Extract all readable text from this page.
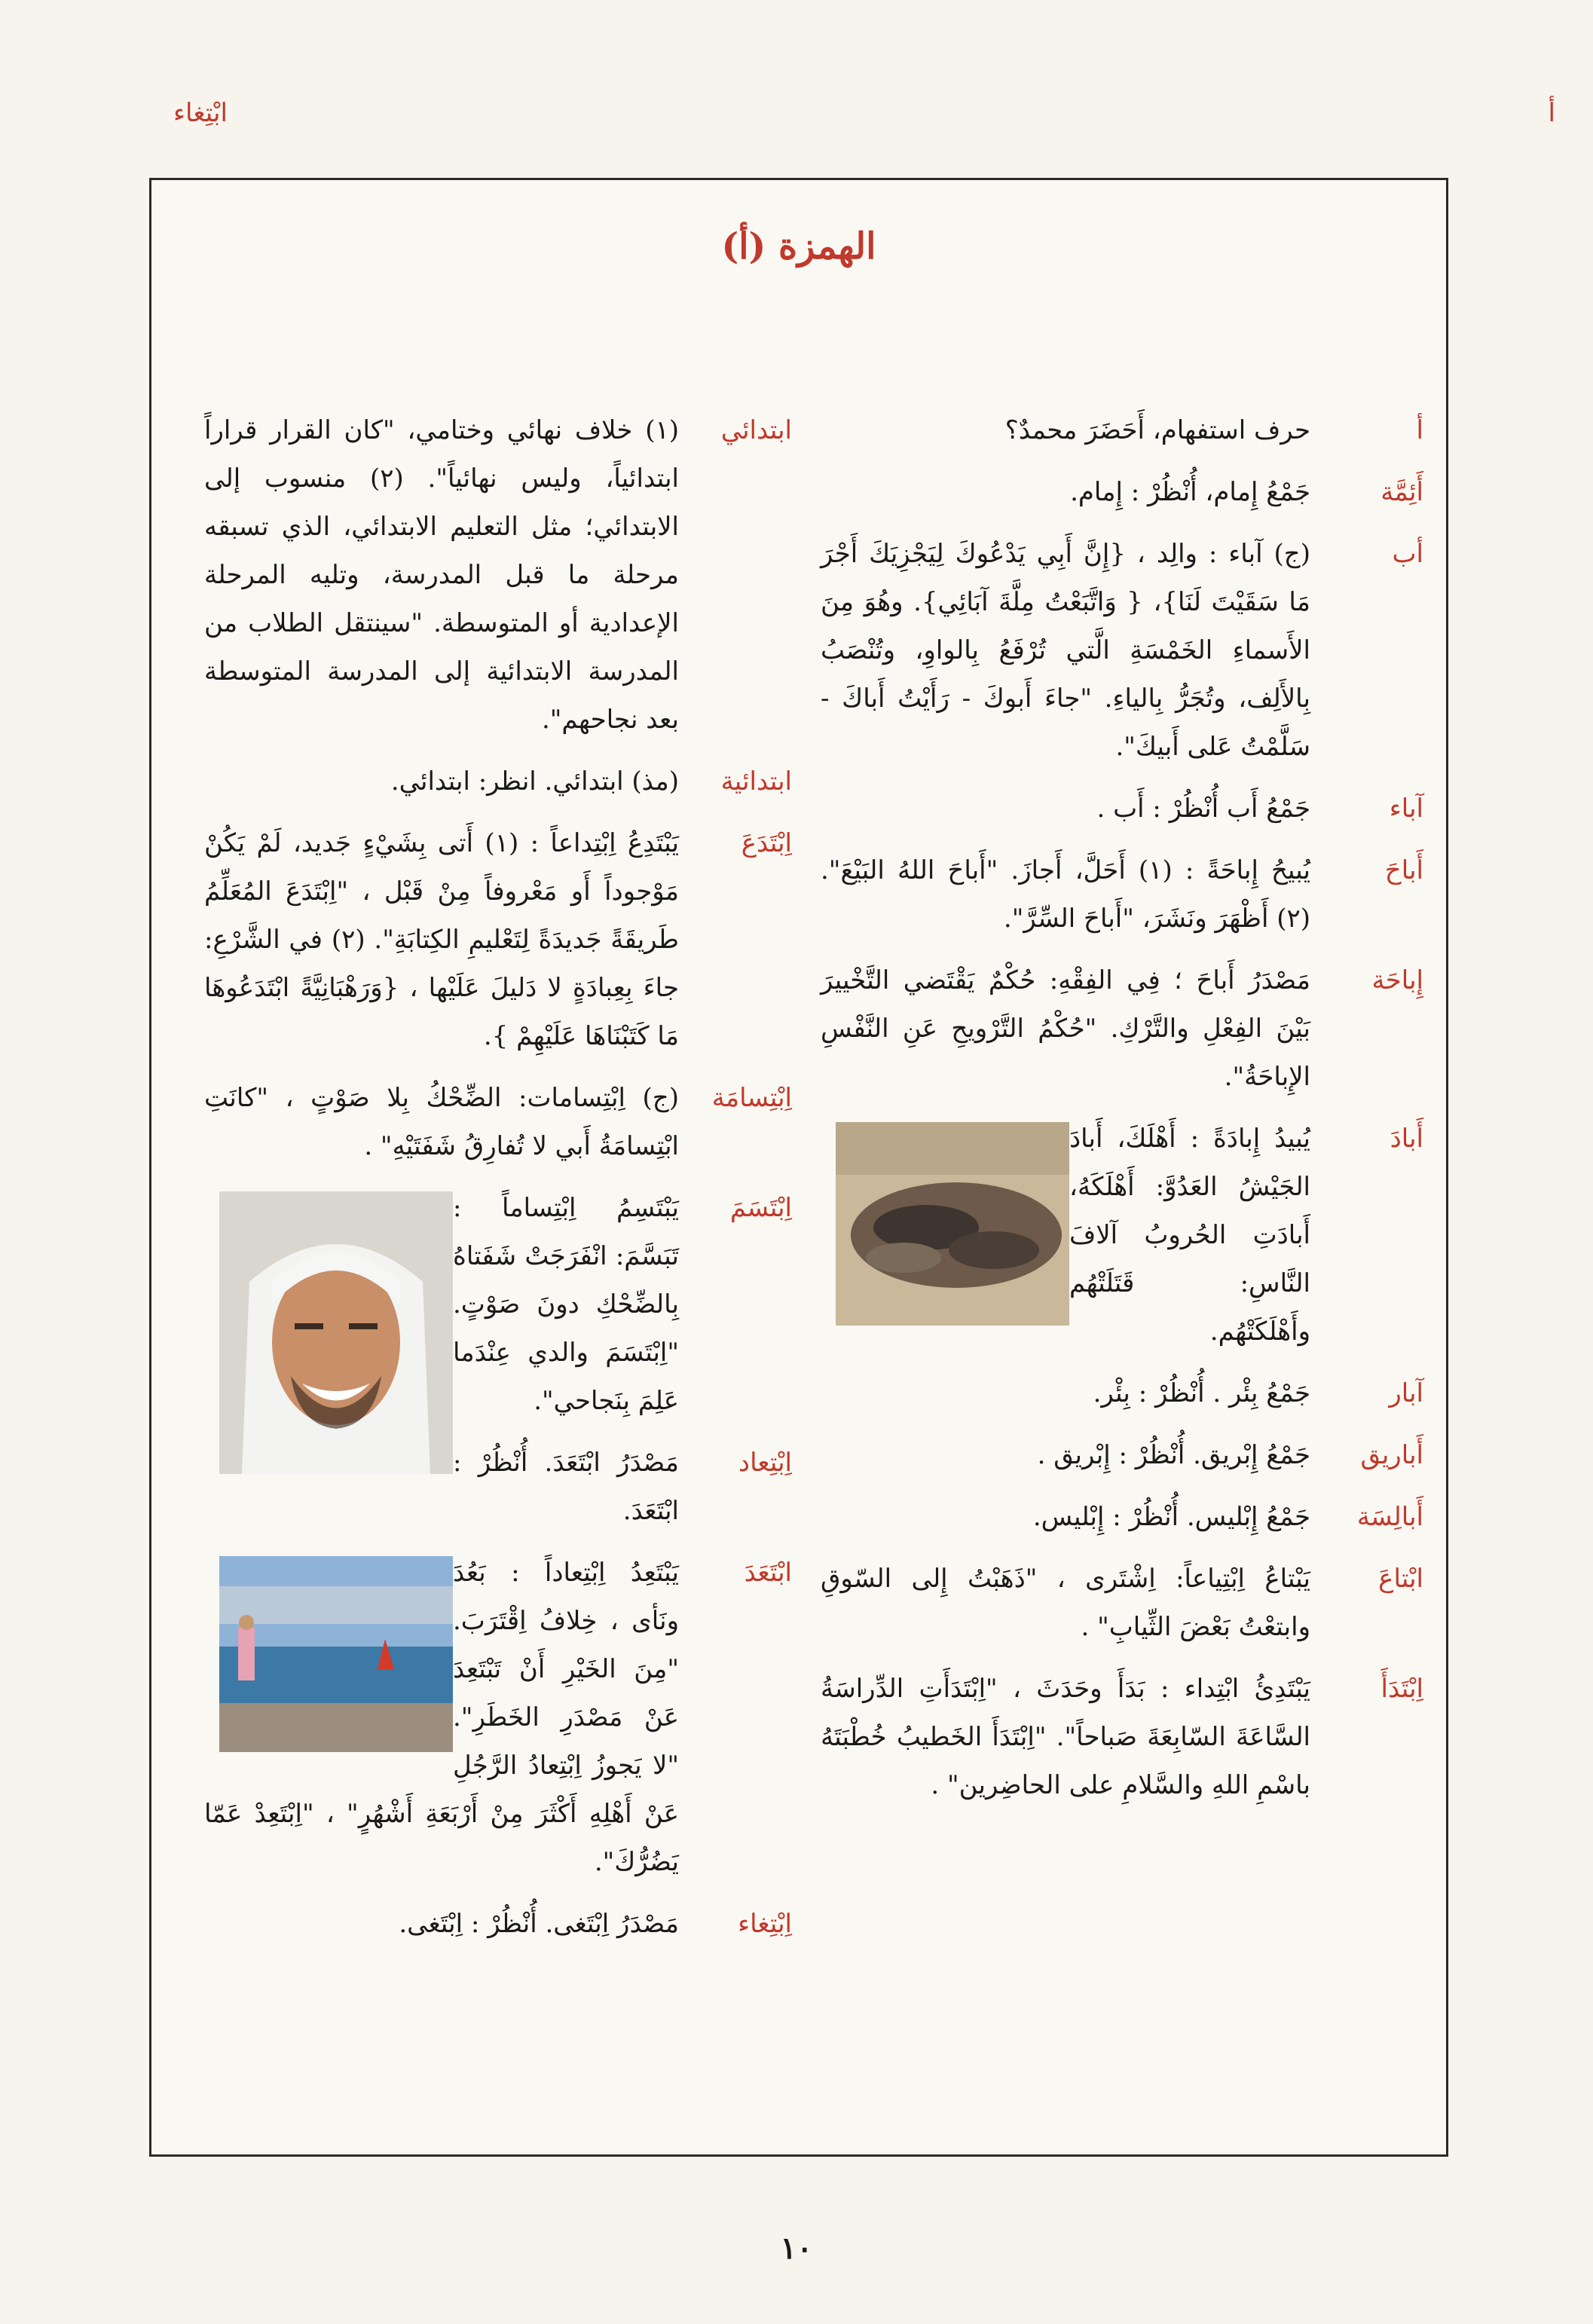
ابْتِغاء	أ
الهمزة (أ)
أ
حرف استفهام، أَحَضَرَ محمدٌ؟
أَئِمَّة
جَمْعُ إِمام، أُنْظُرْ : إِمام.
أب
(ج) آباء : والِد ، {إِنَّ أَبِي يَدْعُوكَ لِيَجْزِيَكَ أَجْرَ مَا سَقَيْتَ لَنَا}، { وَاتَّبَعْتُ مِلَّةَ آبَائِي}. وهُوَ مِنَ الأَسماءِ الخَمْسَةِ الَّتي تُرْفَعُ بِالواوِ، وتُنْصَبُ بِالأَلِف، وتُجَرُّ بِالياءِ. "جاءَ أَبوكَ - رَأَيْتُ أَباكَ - سَلَّمْتُ عَلى أَبيكَ".
آباء
جَمْعُ أَب أُنْظُرْ : أَب .
أَباحَ
يُبيحُ إِباحَةً : (١) أَحَلَّ، أَجازَ. "أَباحَ اللهُ البَيْعَ". (٢) أَظْهَرَ ونَشَرَ، "أَباحَ السِّرَّ".
إِباحَة
مَصْدَرُ أَباحَ ؛ فِي الفِقْهِ: حُكْمٌ يَقْتَضي التَّخْييرَ بَيْنَ الفِعْلِ والتَّرْكِ. "حُكْمُ التَّرْويحِ عَنِ النَّفْسِ الإِباحَةُ".
أَبادَ
يُبيدُ إِبادَةً : أَهْلَكَ، أَبادَ الجَيْشُ العَدُوَّ: أَهْلَكَهُ، أَبادَتِ الحُروبُ آلافَ النَّاسِ: قَتَلَتْهُم وأَهْلَكَتْهُم.
آبار
جَمْعُ بِئْر . أُنْظُرْ : بِئْر.
أَباريق
جَمْعُ إِبْريق. أُنْظُرْ : إِبْريق .
أَبالِسَة
جَمْعُ إِبْليس. أُنْظُرْ : إِبْليس.
ابْتاعَ
يَبْتاعُ اِبْتِياعاً: اِشْتَرى ، "ذَهَبْتُ إِلى السّوقِ وابتعْتُ بَعْضَ الثِّيابِ" .
اِبْتَدَأَ
يَبْتَدِئُ ابْتِداء : بَدَأَ وحَدَثَ ، "اِبْتَدَأَتِ الدِّراسَةُ السَّاعَةَ السّابِعَةَ صَباحاً". "اِبْتَدَأَ الخَطيبُ خُطْبَتَهُ باسْمِ اللهِ والسَّلامِ على الحاضِرين" .
ابتدائي
(١) خلاف نهائي وختامي، "كان القرار قراراً ابتدائياً، وليس نهائياً". (٢) منسوب إلى الابتدائي؛ مثل التعليم الابتدائي، الذي تسبقه مرحلة ما قبل المدرسة، وتليه المرحلة الإعدادية أو المتوسطة. "سينتقل الطلاب من المدرسة الابتدائية إلى المدرسة المتوسطة بعد نجاحهم".
ابتدائية
(مذ) ابتدائي. انظر: ابتدائي.
اِبْتَدَعَ
يَبْتَدِعُ اِبْتِداعاً : (١) أَتى بِشَيْءٍ جَديد، لَمْ يَكُنْ مَوْجوداً أَو مَعْروفاً مِنْ قَبْل ، "اِبْتَدَعَ المُعَلِّمُ طَريقَةً جَديدَةً لِتَعْليمِ الكِتابَةِ". (٢) في الشَّرْعِ: جاءَ بِعِبادَةٍ لا دَليلَ عَلَيْها ، {وَرَهْبَانِيَّةً ابْتَدَعُوهَا مَا كَتَبْنَاهَا عَلَيْهِمْ }.
اِبْتِسامَة
(ج) اِبْتِسامات: الضِّحْكُ بِلا صَوْتٍ ، "كانَتِ ابْتِسامَةُ أَبي لا تُفارِقُ شَفَتَيْهِ" .
اِبْتَسَمَ
يَبْتَسِمُ اِبْتِساماً : تَبَسَّمَ: انْفَرَجَتْ شَفَتاهُ بِالضِّحْكِ دونَ صَوْتٍ. "اِبْتَسَمَ والدي عِنْدَما عَلِمَ بِنَجاحي".
اِبْتِعاد
مَصْدَرُ ابْتَعَدَ. أُنْظُرْ : ابْتَعَدَ.
ابْتَعَدَ
يَبْتَعِدُ اِبْتِعاداً : بَعُدَ ونَأى ، خِلافُ اِقْتَرَبَ. "مِنَ الخَيْرِ أَنْ تَبْتَعِدَ عَنْ مَصْدَرِ الخَطَرِ". "لا يَجوزُ اِبْتِعادُ الرَّجُلِ عَنْ أَهْلِهِ أَكْثَرَ مِنْ أَرْبَعَةِ أَشْهُرٍ" ، "اِبْتَعِدْ عَمّا يَضُرُّكَ".
اِبْتِغاء
مَصْدَرُ اِبْتَغى. أُنْظُرْ : اِبْتَغى.
١٠
